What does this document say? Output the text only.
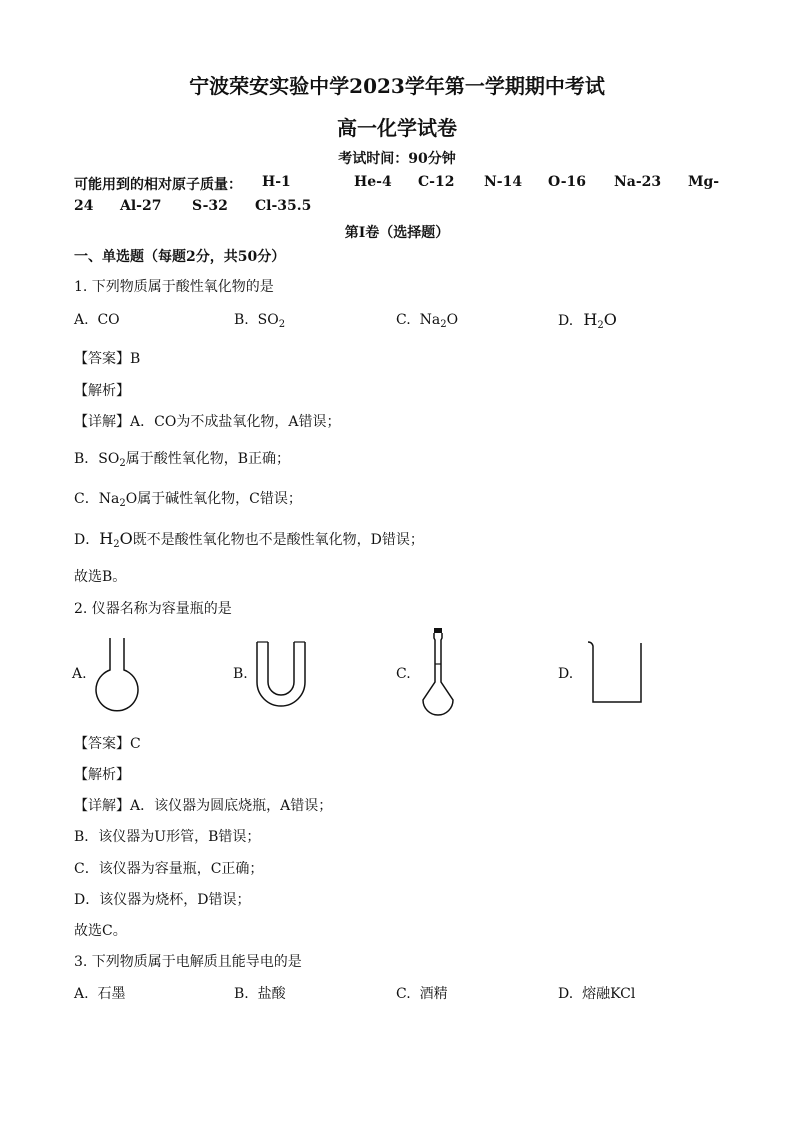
宁波荣安实验中学2023学年第一学期期中考试
高一化学试卷
考试时间：90分钟
可能用到的相对原子质量： H-1	He-4 C-12 N-14 O-16 Na-23 Mg-
24 Al-27 S-32 Cl-35.5
第I卷（选择题）
一、单选题（每题2分，共50分）
1. 下列物质属于酸性氧化物的是
A. CO	B. $SO_2$	C. $Na_2O$	D. $H_2O$
【答案】B
【解析】
【详解】A．CO为不成盐氧化物，A错误；
B．$SO_2$属于酸性氧化物，B正确；
C．$Na_2O$属于碱性氧化物，C错误；
D．$H_2O$既不是酸性氧化物也不是酸性氧化物，D错误；
故选B。
2. 仪器名称为容量瓶的是
A.	B.	C.	D.
【答案】C
【解析】
【详解】A．该仪器为圆底烧瓶，A错误；
B．该仪器为U形管，B错误；
C．该仪器为容量瓶，C正确；
D．该仪器为烧杯，D错误；
故选C。
3. 下列物质属于电解质且能导电的是
A. 石墨	B. 盐酸	C. 酒精	D. 熔融KCl
